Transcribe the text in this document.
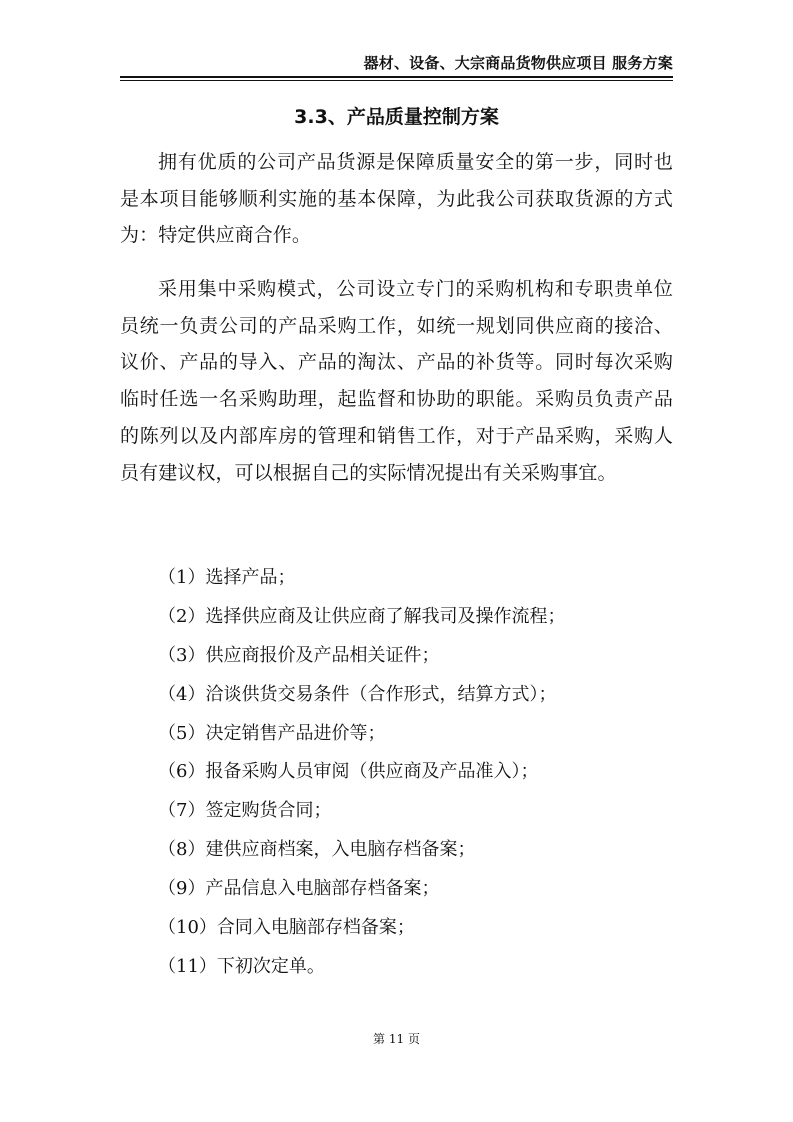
器材、设备、大宗商品货物供应项目 服务方案
3.3、产品质量控制方案

拥有优质的公司产品货源是保障质量安全的第一步，同时也是本项目能够顺利实施的基本保障，为此我公司获取货源的方式为：特定供应商合作。

采用集中采购模式，公司设立专门的采购机构和专职贵单位员统一负责公司的产品采购工作，如统一规划同供应商的接洽、议价、产品的导入、产品的淘汰、产品的补货等。同时每次采购临时任选一名采购助理，起监督和协助的职能。采购员负责产品的陈列以及内部库房的管理和销售工作，对于产品采购，采购人员有建议权，可以根据自己的实际情况提出有关采购事宜。

（1）选择产品；
（2）选择供应商及让供应商了解我司及操作流程；
（3）供应商报价及产品相关证件；
（4）洽谈供货交易条件（合作形式，结算方式）；
（5）决定销售产品进价等；
（6）报备采购人员审阅（供应商及产品准入）；
（7）签定购货合同；
（8）建供应商档案，入电脑存档备案；
（9）产品信息入电脑部存档备案；
（10）合同入电脑部存档备案；
（11）下初次定单。
第 11 页
